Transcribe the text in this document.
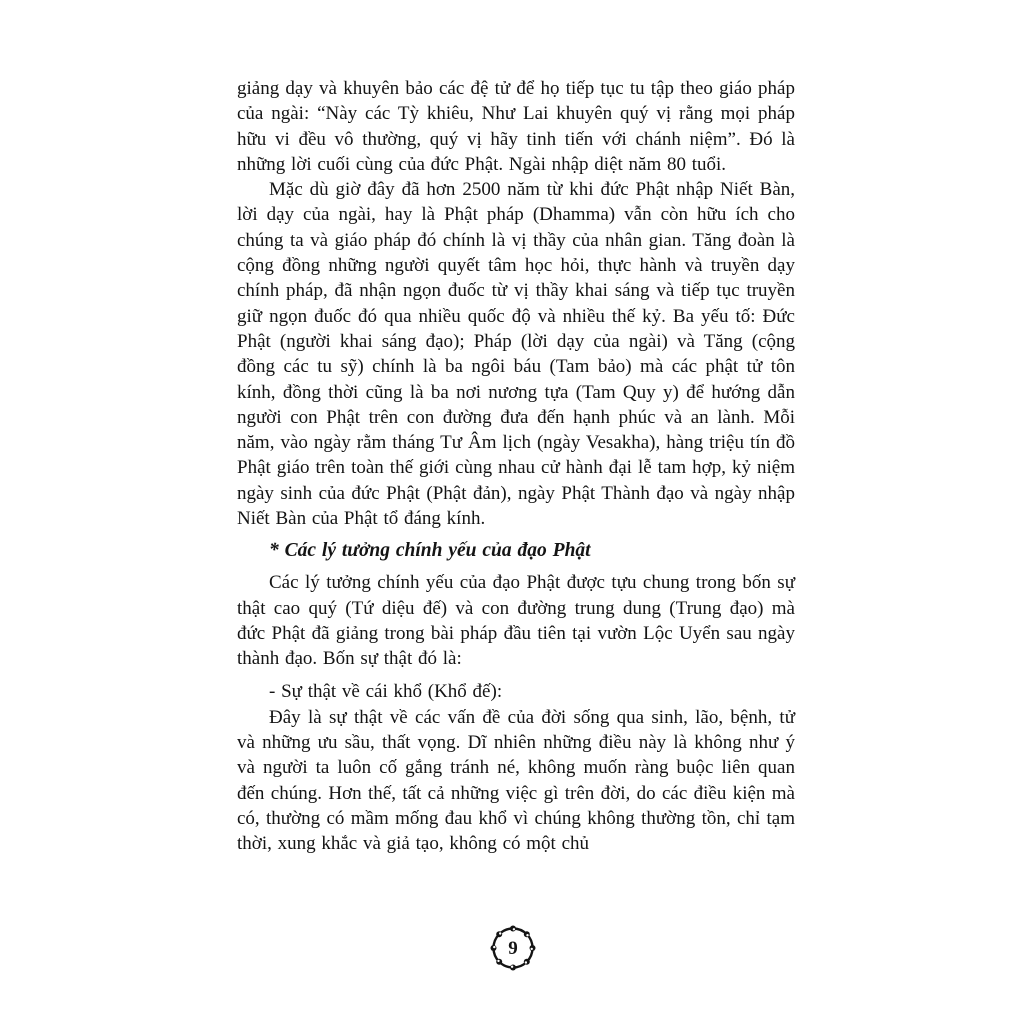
giảng dạy và khuyên bảo các đệ tử để họ tiếp tục tu tập theo giáo pháp của ngài: “Này các Tỳ khiêu, Như Lai khuyên quý vị rằng mọi pháp hữu vi đều vô thường, quý vị hãy tinh tiến với chánh niệm”. Đó là những lời cuối cùng của đức Phật. Ngài nhập diệt năm 80 tuổi.

Mặc dù giờ đây đã hơn 2500 năm từ khi đức Phật nhập Niết Bàn, lời dạy của ngài, hay là Phật pháp (Dhamma) vẫn còn hữu ích cho chúng ta và giáo pháp đó chính là vị thầy của nhân gian. Tăng đoàn là cộng đồng những người quyết tâm học hỏi, thực hành và truyền dạy chính pháp, đã nhận ngọn đuốc từ vị thầy khai sáng và tiếp tục truyền giữ ngọn đuốc đó qua nhiều quốc độ và nhiều thế kỷ. Ba yếu tố: Đức Phật (người khai sáng đạo); Pháp (lời dạy của ngài) và Tăng (cộng đồng các tu sỹ) chính là ba ngôi báu (Tam bảo) mà các phật tử tôn kính, đồng thời cũng là ba nơi nương tựa (Tam Quy y) để hướng dẫn người con Phật trên con đường đưa đến hạnh phúc và an lành. Mỗi năm, vào ngày rằm tháng Tư Âm lịch (ngày Vesakha), hàng triệu tín đồ Phật giáo trên toàn thế giới cùng nhau cử hành đại lễ tam hợp, kỷ niệm ngày sinh của đức Phật (Phật đản), ngày Phật Thành đạo và ngày nhập Niết Bàn của Phật tổ đáng kính.

* Các lý tưởng chính yếu của đạo Phật

Các lý tưởng chính yếu của đạo Phật được tựu chung trong bốn sự thật cao quý (Tứ diệu đế) và con đường trung dung (Trung đạo) mà đức Phật đã giảng trong bài pháp đầu tiên tại vườn Lộc Uyển sau ngày thành đạo. Bốn sự thật đó là:

- Sự thật về cái khổ (Khổ đế):

Đây là sự thật về các vấn đề của đời sống qua sinh, lão, bệnh, tử và những ưu sầu, thất vọng. Dĩ nhiên những điều này là không như ý và người ta luôn cố gắng tránh né, không muốn ràng buộc liên quan đến chúng. Hơn thế, tất cả những việc gì trên đời, do các điều kiện mà có, thường có mầm mống đau khổ vì chúng không thường tồn, chỉ tạm thời, xung khắc và giả tạo, không có một chủ

9
